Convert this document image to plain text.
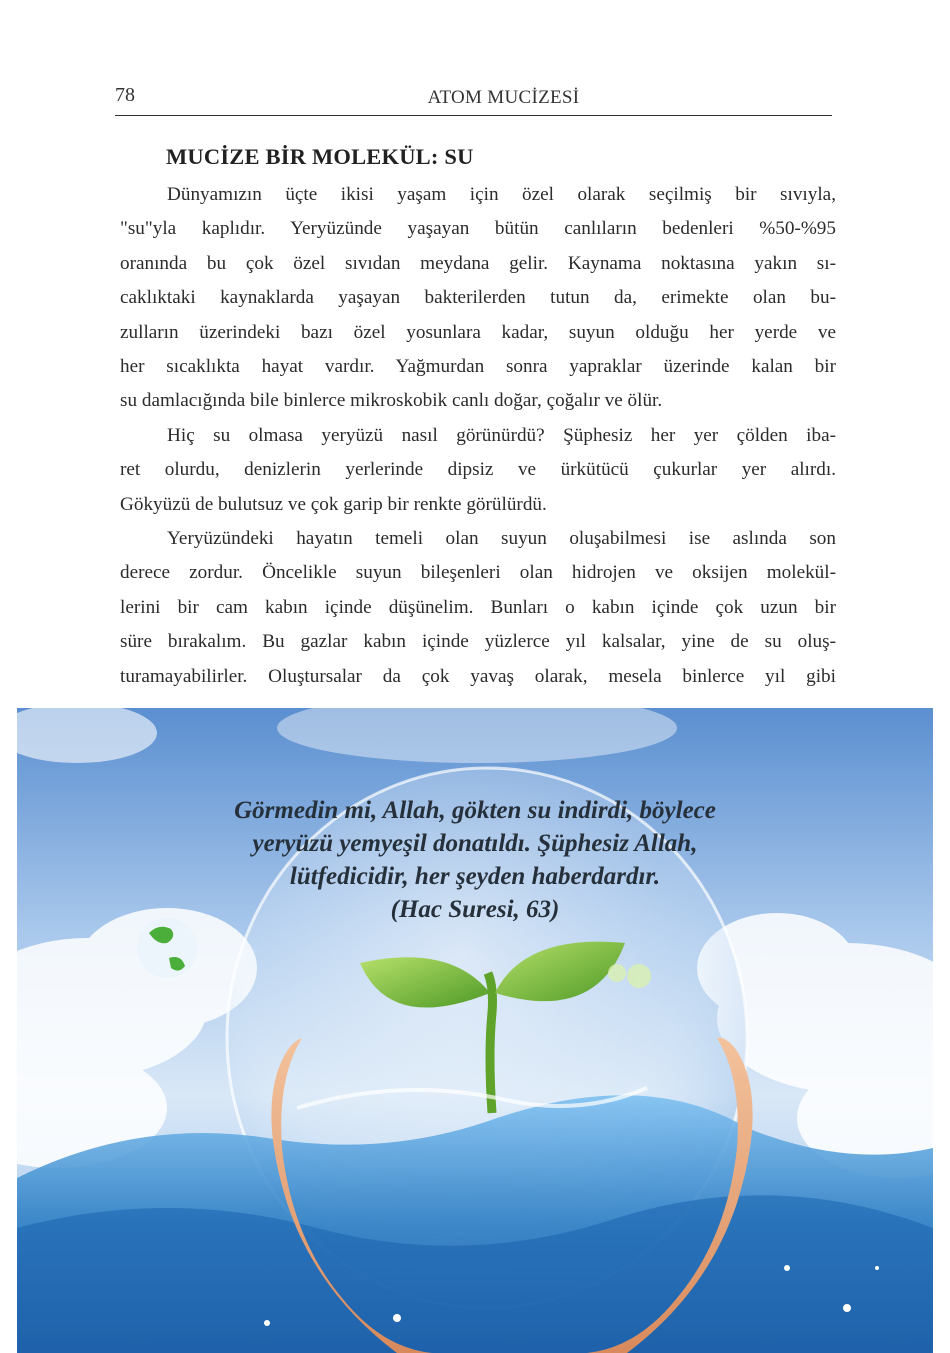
78	ATOM MUCİZESİ
MUCİZE BİR MOLEKÜL: SU

Dünyamızın üçte ikisi yaşam için özel olarak seçilmiş bir sıvıyla,

"su"yla kaplıdır. Yeryüzünde yaşayan bütün canlıların bedenleri %50-%95

oranında bu çok özel sıvıdan meydana gelir. Kaynama noktasına yakın sı-

caklıktaki kaynaklarda yaşayan bakterilerden tutun da, erimekte olan bu-

zulların üzerindeki bazı özel yosunlara kadar, suyun olduğu her yerde ve

her sıcaklıkta hayat vardır. Yağmurdan sonra yapraklar üzerinde kalan bir

su damlacığında bile binlerce mikroskobik canlı doğar, çoğalır ve ölür.

Hiç su olmasa yeryüzü nasıl görünürdü? Şüphesiz her yer çölden iba-

ret olurdu, denizlerin yerlerinde dipsiz ve ürkütücü çukurlar yer alırdı.

Gökyüzü de bulutsuz ve çok garip bir renkte görülürdü.

Yeryüzündeki hayatın temeli olan suyun oluşabilmesi ise aslında son

derece zordur. Öncelikle suyun bileşenleri olan hidrojen ve oksijen molekül-

lerini bir cam kabın içinde düşünelim. Bunları o kabın içinde çok uzun bir

süre bırakalım. Bu gazlar kabın içinde yüzlerce yıl kalsalar, yine de su oluş-

turamayabilirler. Oluştursalar da çok yavaş olarak, mesela binlerce yıl gibi

Görmedin mi, Allah, gökten su indirdi, böylece
yeryüzü yemyeşil donatıldı. Şüphesiz Allah,
lütfedicidir, her şeyden haberdardır.
(Hac Suresi, 63)
